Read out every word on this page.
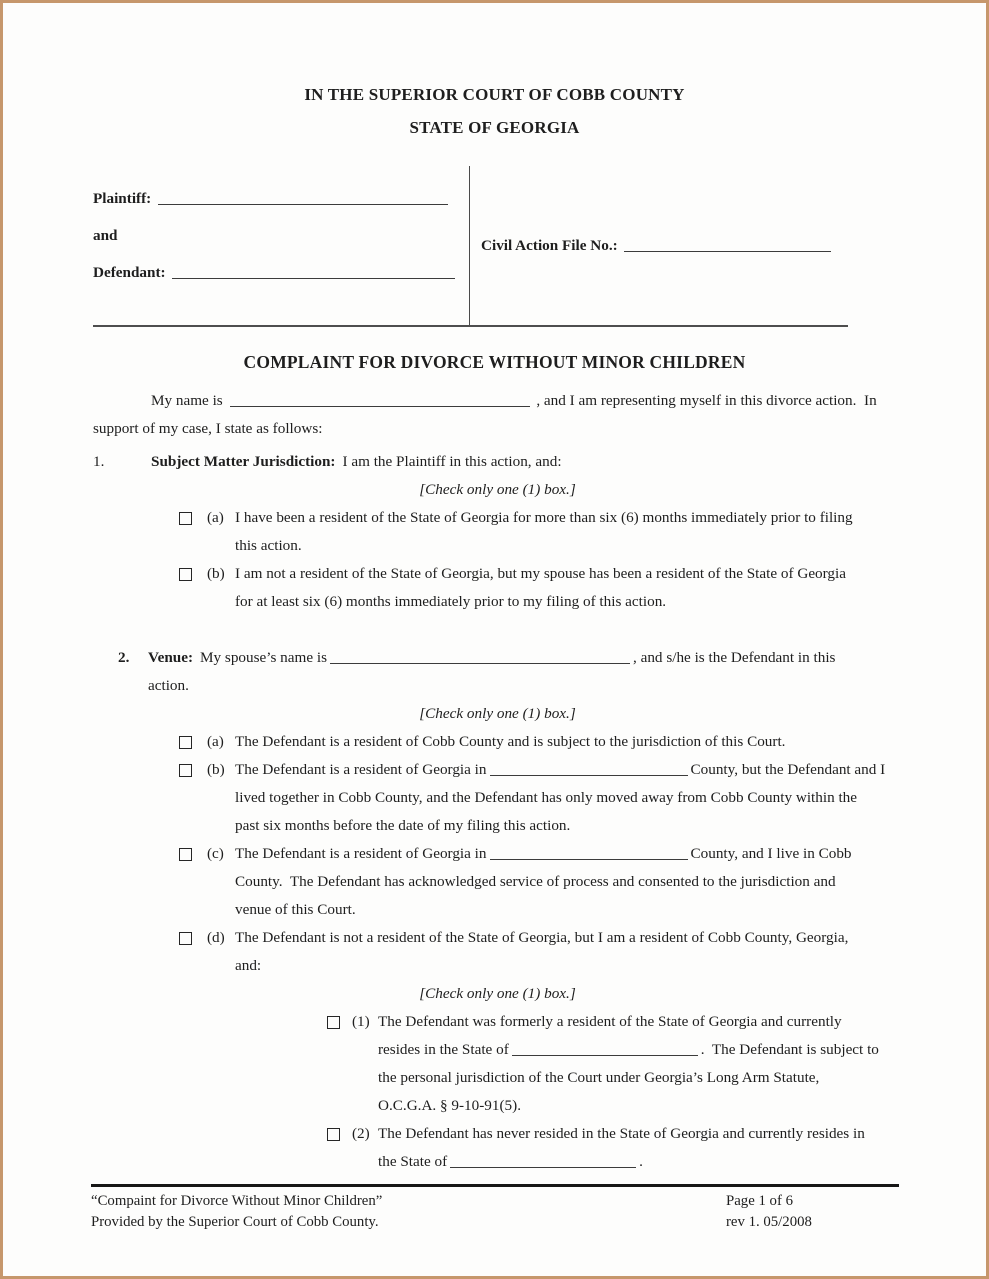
IN THE SUPERIOR COURT OF COBB COUNTY
STATE OF GEORGIA
Plaintiff:
and
Defendant:
Civil Action File No.:
COMPLAINT FOR DIVORCE WITHOUT MINOR CHILDREN
My name is	, and I am representing myself in this divorce action.  In
support of my case, I state as follows:
1.	Subject Matter Jurisdiction: I am the Plaintiff in this action, and:
[Check only one (1) box.]
(a) I have been a resident of the State of Georgia for more than six (6) months immediately prior to filing
this action.
(b) I am not a resident of the State of Georgia, but my spouse has been a resident of the State of Georgia
for at least six (6) months immediately prior to my filing of this action.
2. Venue: My spouse’s name is	, and s/he is the Defendant in this
action.
[Check only one (1) box.]
(a) The Defendant is a resident of Cobb County and is subject to the jurisdiction of this Court.
(b) The Defendant is a resident of Georgia in	County, but the Defendant and I
lived together in Cobb County, and the Defendant has only moved away from Cobb County within the
past six months before the date of my filing this action.
(c) The Defendant is a resident of Georgia in	County, and I live in Cobb
County.  The Defendant has acknowledged service of process and consented to the jurisdiction and
venue of this Court.
(d) The Defendant is not a resident of the State of Georgia, but I am a resident of Cobb County, Georgia,
and:
[Check only one (1) box.]
(1) The Defendant was formerly a resident of the State of Georgia and currently
resides in the State of	.  The Defendant is subject to
the personal jurisdiction of the Court under Georgia’s Long Arm Statute,
O.C.G.A. § 9-10-91(5).
(2) The Defendant has never resided in the State of Georgia and currently resides in
the State of	.
“Compaint for Divorce Without Minor Children”
Provided by the Superior Court of Cobb County.
Page 1 of 6
rev 1. 05/2008
